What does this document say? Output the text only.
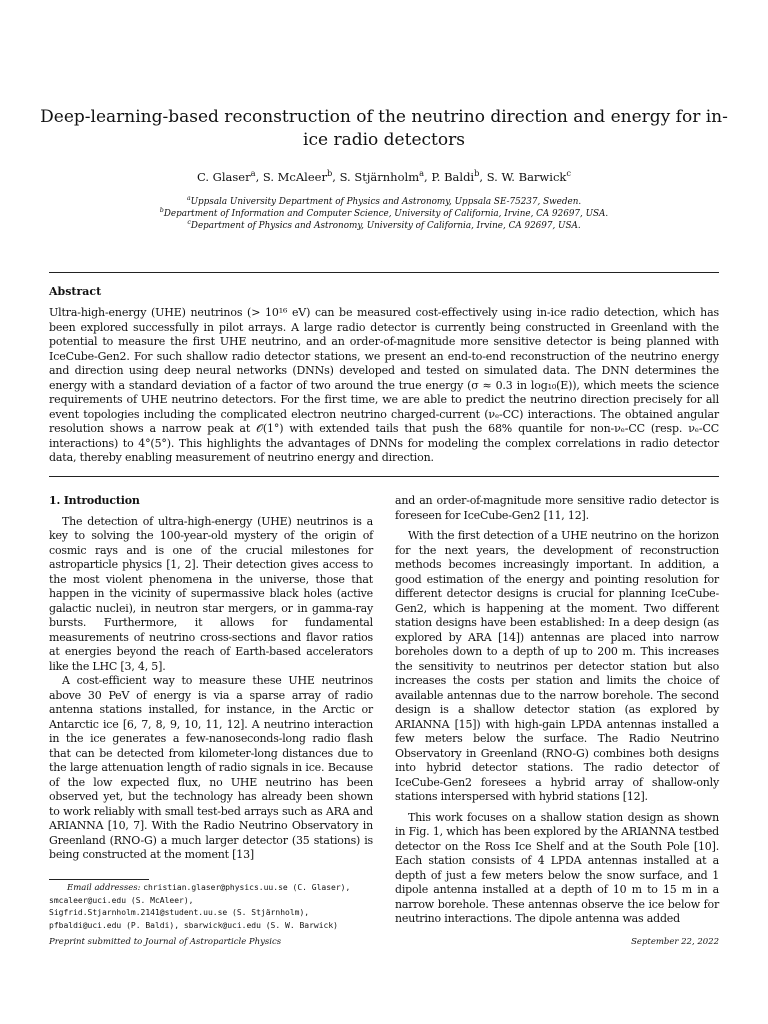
Deep-learning-based reconstruction of the neutrino direction and energy for in-ice radio detectors
C. Glaser$^a$, S. McAleer$^b$, S. Stjärnholm$^a$, P. Baldi$^b$, S. W. Barwick$^c$
$^a$Uppsala University Department of Physics and Astronomy, Uppsala SE-75237, Sweden.
$^b$Department of Information and Computer Science, University of California, Irvine, CA 92697, USA.
$^c$Department of Physics and Astronomy, University of California, Irvine, CA 92697, USA.
Abstract
Ultra-high-energy (UHE) neutrinos (> 10¹⁶ eV) can be measured cost-effectively using in-ice radio detection, which has been explored successfully in pilot arrays. A large radio detector is currently being constructed in Greenland with the potential to measure the first UHE neutrino, and an order-of-magnitude more sensitive detector is being planned with IceCube-Gen2. For such shallow radio detector stations, we present an end-to-end reconstruction of the neutrino energy and direction using deep neural networks (DNNs) developed and tested on simulated data. The DNN determines the energy with a standard deviation of a factor of two around the true energy (σ ≈ 0.3 in log₁₀(E)), which meets the science requirements of UHE neutrino detectors. For the first time, we are able to predict the neutrino direction precisely for all event topologies including the complicated electron neutrino charged-current (νₑ-CC) interactions. The obtained angular resolution shows a narrow peak at 𝒪(1°) with extended tails that push the 68% quantile for non-νₑ-CC (resp. νₑ-CC interactions) to 4°(5°). This highlights the advantages of DNNs for modeling the complex correlations in radio detector data, thereby enabling measurement of neutrino energy and direction.
1. Introduction

The detection of ultra-high-energy (UHE) neutrinos is a key to solving the 100-year-old mystery of the origin of cosmic rays and is one of the crucial milestones for astroparticle physics [1, 2]. Their detection gives access to the most violent phenomena in the universe, those that happen in the vicinity of supermassive black holes (active galactic nuclei), in neutron star mergers, or in gamma-ray bursts. Furthermore, it allows for fundamental measurements of neutrino cross-sections and flavor ratios at energies beyond the reach of Earth-based accelerators like the LHC [3, 4, 5].

A cost-efficient way to measure these UHE neutrinos above 30 PeV of energy is via a sparse array of radio antenna stations installed, for instance, in the Arctic or Antarctic ice [6, 7, 8, 9, 10, 11, 12]. A neutrino interaction in the ice generates a few-nanoseconds-long radio flash that can be detected from kilometer-long distances due to the large attenuation length of radio signals in ice. Because of the low expected flux, no UHE neutrino has been observed yet, but the technology has already been shown to work reliably with small test-bed arrays such as ARA and ARIANNA [10, 7]. With the Radio Neutrino Observatory in Greenland (RNO-G) a much larger detector (35 stations) is being constructed at the moment [13]

and an order-of-magnitude more sensitive radio detector is foreseen for IceCube-Gen2 [11, 12].

With the first detection of a UHE neutrino on the horizon for the next years, the development of reconstruction methods becomes increasingly important. In addition, a good estimation of the energy and pointing resolution for different detector designs is crucial for planning IceCube-Gen2, which is happening at the moment. Two different station designs have been established: In a deep design (as explored by ARA [14]) antennas are placed into narrow boreholes down to a depth of up to 200 m. This increases the sensitivity to neutrinos per detector station but also increases the costs per station and limits the choice of available antennas due to the narrow borehole. The second design is a shallow detector station (as explored by ARIANNA [15]) with high-gain LPDA antennas installed a few meters below the surface. The Radio Neutrino Observatory in Greenland (RNO-G) combines both designs into hybrid detector stations. The radio detector of IceCube-Gen2 foresees a hybrid array of shallow-only stations interspersed with hybrid stations [12].

This work focuses on a shallow station design as shown in Fig. 1, which has been explored by the ARIANNA testbed detector on the Ross Ice Shelf and at the South Pole [10]. Each station consists of 4 LPDA antennas installed at a depth of just a few meters below the snow surface, and 1 dipole antenna installed at a depth of 10 m to 15 m in a narrow borehole. These antennas observe the ice below for neutrino interactions. The dipole antenna was added

Email addresses: christian.glaser@physics.uu.se (C. Glaser), smcaleer@uci.edu (S. McAleer), Sigfrid.Stjarnholm.2141@student.uu.se (S. Stjärnholm), pfbaldi@uci.edu (P. Baldi), sbarwick@uci.edu (S. W. Barwick)
Preprint submitted to Journal of Astroparticle Physics	September 22, 2022
